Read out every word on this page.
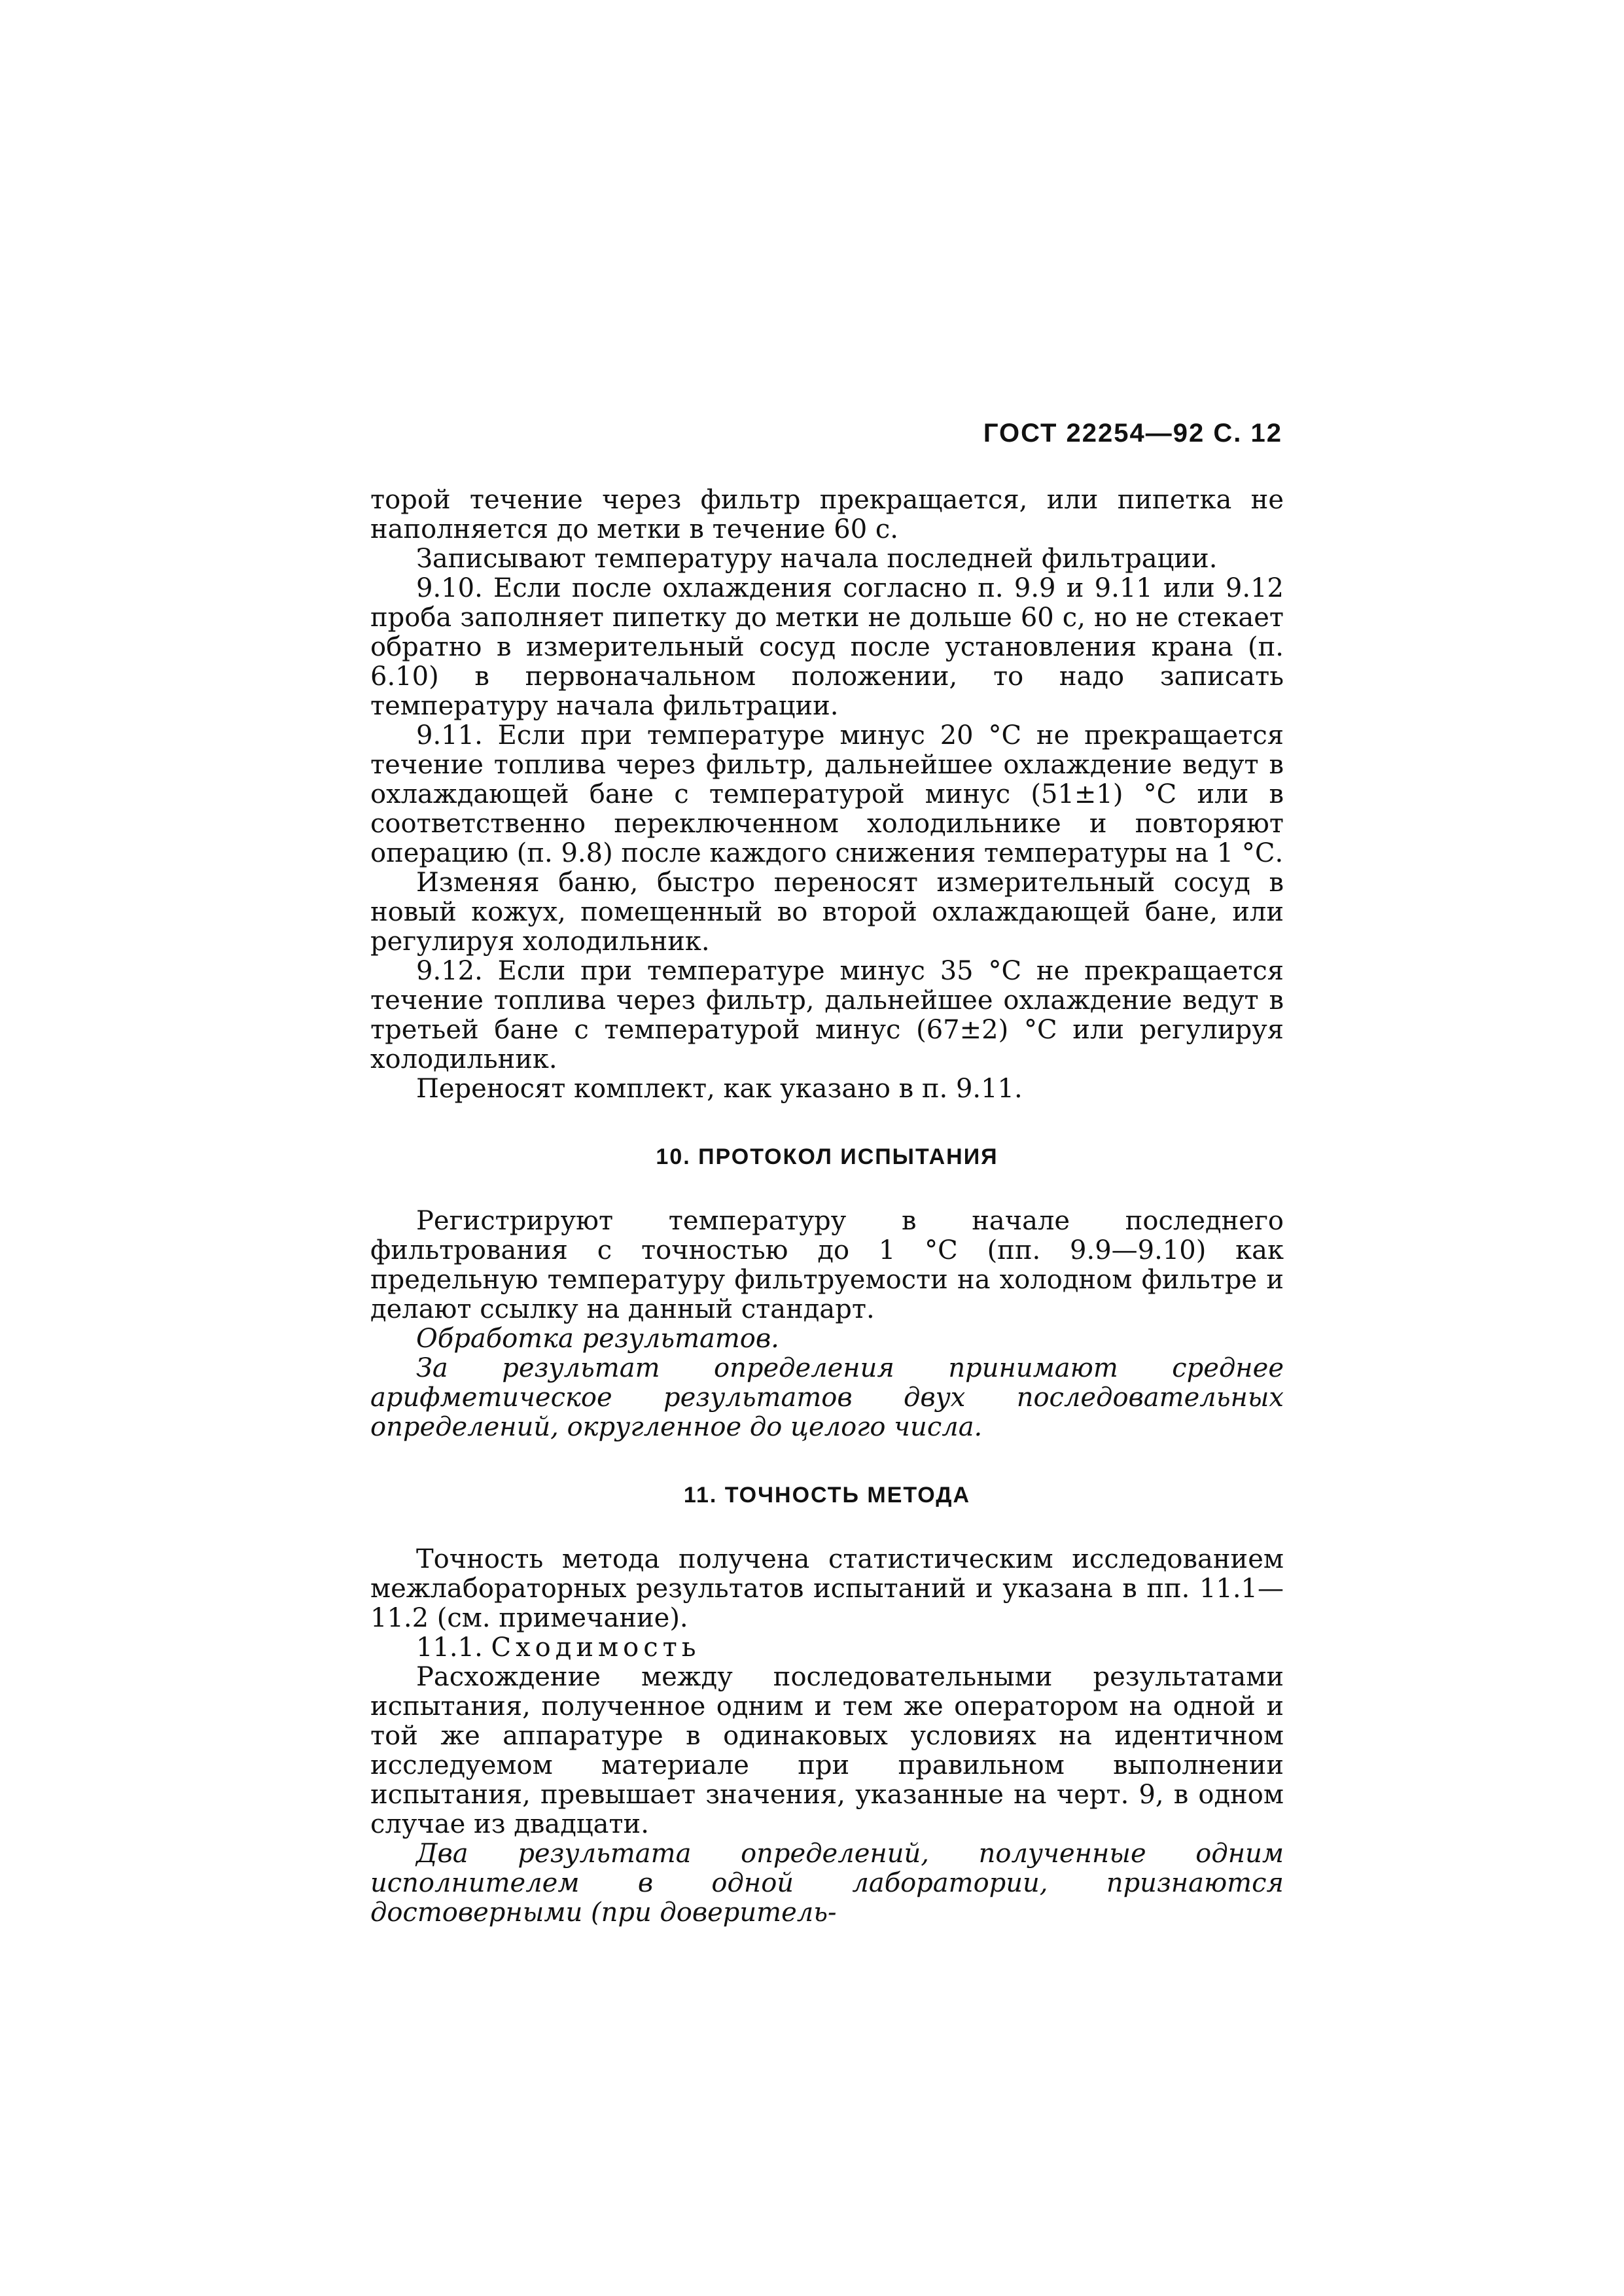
ГОСТ 22254—92 С. 12

торой течение через фильтр прекращается, или пипетка не наполняется до метки в течение 60 с.

Записывают температуру начала последней фильтрации.

9.10. Если после охлаждения согласно п. 9.9 и 9.11 или 9.12 проба заполняет пипетку до метки не дольше 60 с, но не стекает обратно в измерительный сосуд после установления крана (п. 6.10) в первоначальном положении, то надо записать температуру начала фильтрации.

9.11. Если при температуре минус 20 °С не прекращается течение топлива через фильтр, дальнейшее охлаждение ведут в охлаждающей бане с температурой минус (51±1) °С или в соответственно переключенном холодильнике и повторяют операцию (п. 9.8) после каждого снижения температуры на 1 °С.

Изменяя баню, быстро переносят измерительный сосуд в новый кожух, помещенный во второй охлаждающей бане, или регулируя холодильник.

9.12. Если при температуре минус 35 °С не прекращается течение топлива через фильтр, дальнейшее охлаждение ведут в третьей бане с температурой минус (67±2) °С или регулируя холодильник.

Переносят комплект, как указано в п. 9.11.

10. ПРОТОКОЛ ИСПЫТАНИЯ

Регистрируют температуру в начале последнего фильтрования с точностью до 1 °С (пп. 9.9—9.10) как предельную температуру фильтруемости на холодном фильтре и делают ссылку на данный стандарт.

Обработка результатов.

За результат определения принимают среднее арифметическое результатов двух последовательных определений, округленное до целого числа.

11. ТОЧНОСТЬ МЕТОДА

Точность метода получена статистическим исследованием межлабораторных результатов испытаний и указана в пп. 11.1—11.2 (см. примечание).

11.1. Сходимость

Расхождение между последовательными результатами испытания, полученное одним и тем же оператором на одной и той же аппаратуре в одинаковых условиях на идентичном исследуемом материале при правильном выполнении испытания, превышает значения, указанные на черт. 9, в одном случае из двадцати.

Два результата определений, полученные одним исполнителем в одной лаборатории, признаются достоверными (при доверитель-
